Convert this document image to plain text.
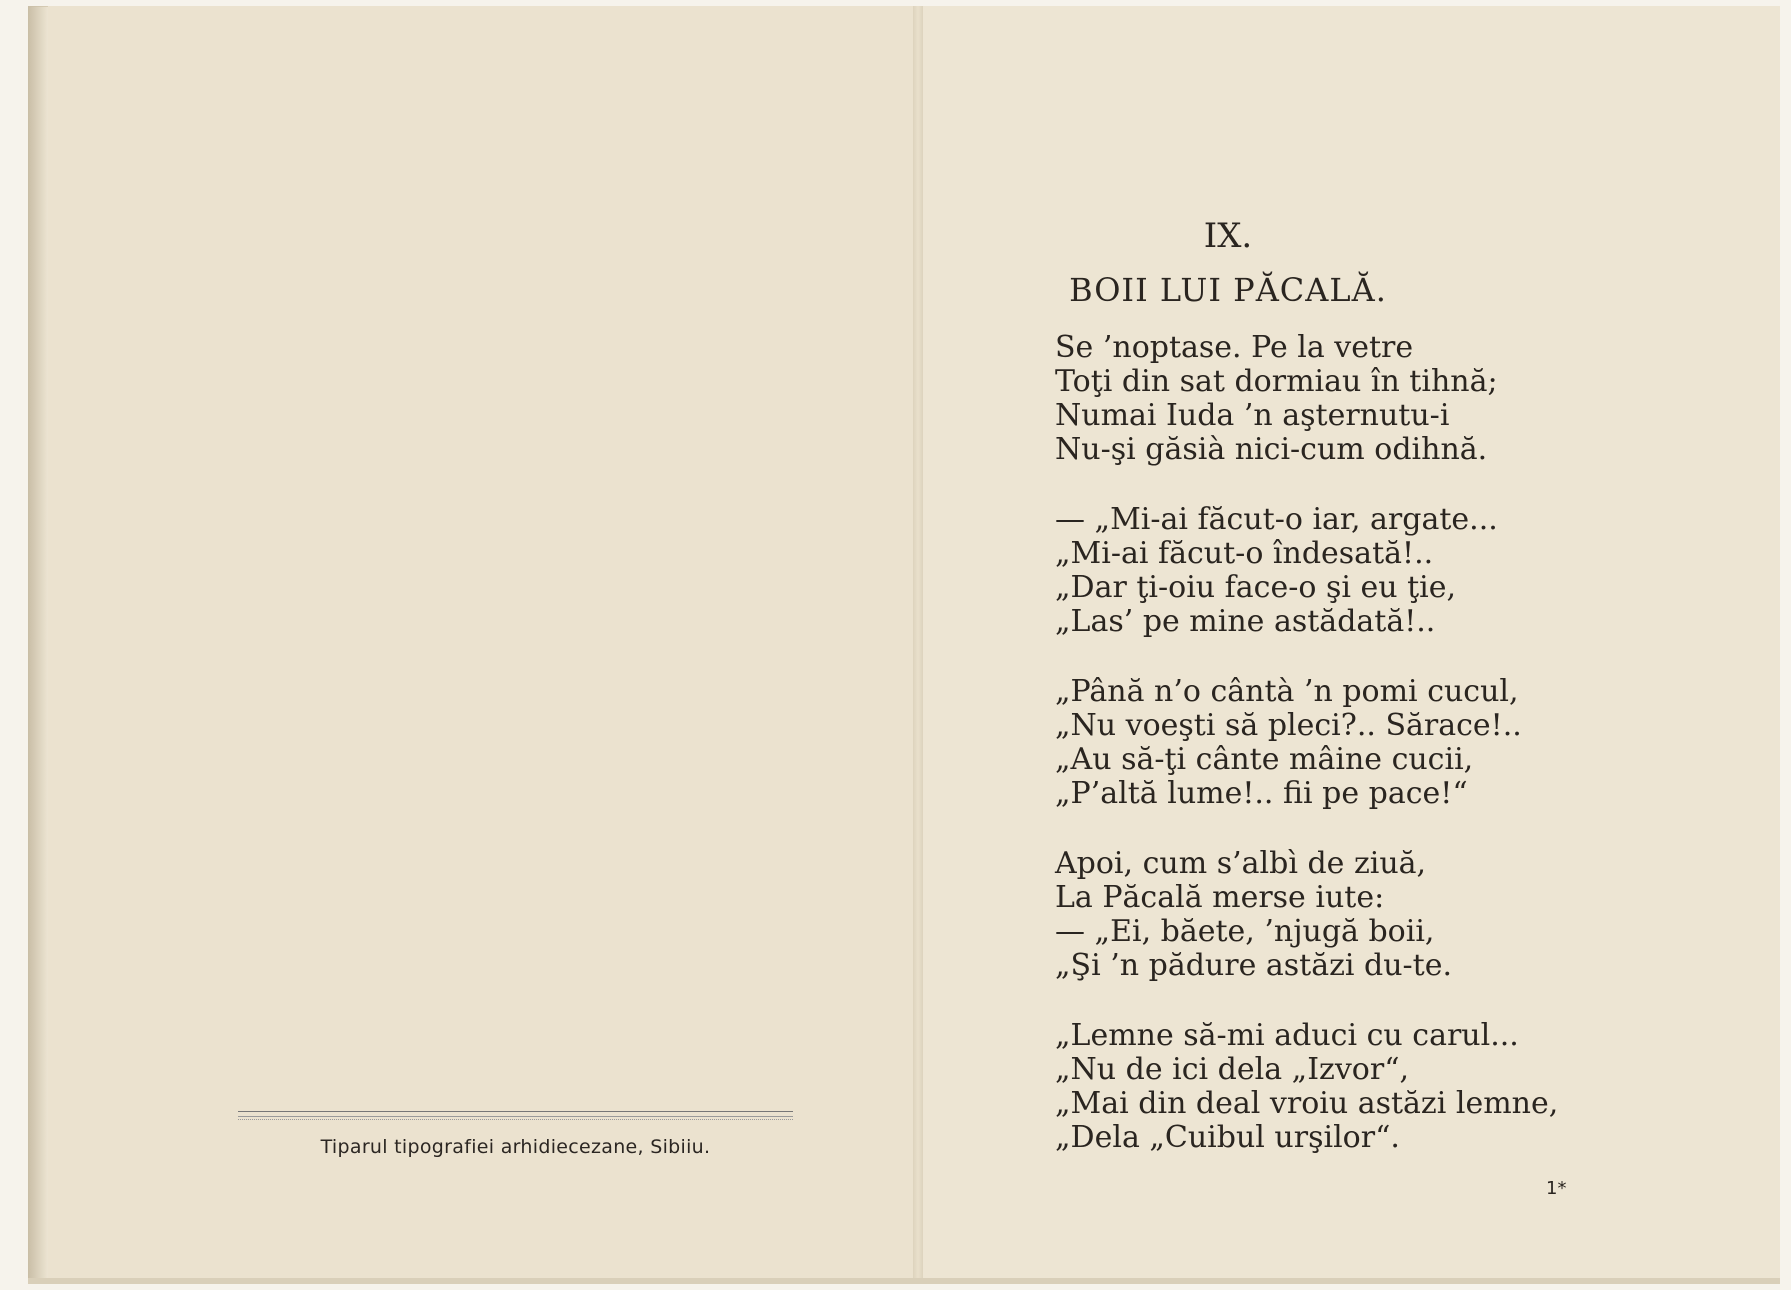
Tiparul tipografiei arhidiecezane, Sibiiu.
IX.
BOII LUI PĂCALĂ.
Se ’noptase. Pe la vetre
Toţi din sat dormiau în tihnă;
Numai Iuda ’n aşternutu-i
Nu-şi găsià nici-cum odihnă.
— „Mi-ai făcut-o iar, argate...
„Mi-ai făcut-o îndesată!..
„Dar ţi-oiu face-o şi eu ţie,
„Las’ pe mine astădată!..
„Până n’o cântà ’n pomi cucul,
„Nu voeşti să pleci?.. Sărace!..
„Au să-ţi cânte mâine cucii,
„P’altă lume!.. fii pe pace!“
Apoi, cum s’albì de ziuă,
La Păcală merse iute:
— „Ei, băete, ’njugă boii,
„Şi ’n pădure astăzi du-te.
„Lemne să-mi aduci cu carul...
„Nu de ici dela „Izvor“,
„Mai din deal vroiu astăzi lemne,
„Dela „Cuibul urşilor“.
1*
